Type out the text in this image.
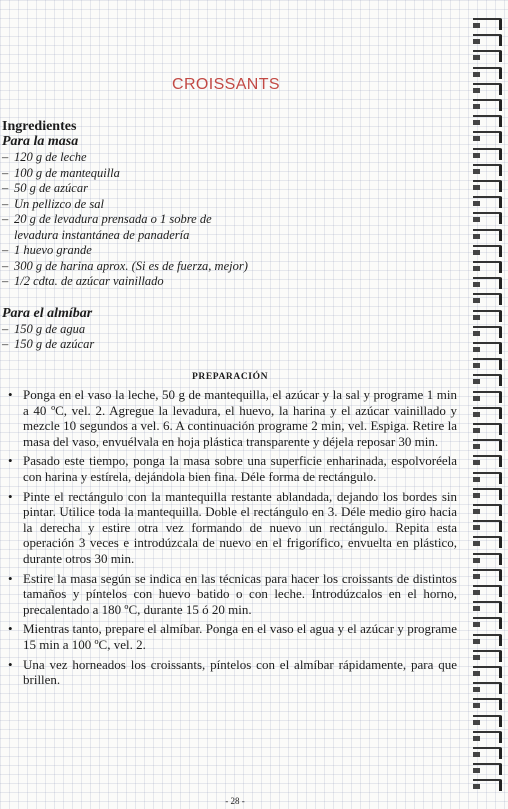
CROISSANTS
Ingredientes
Para la masa
– 120 g de leche
– 100 g de mantequilla
– 50 g de azúcar
– Un pellizco de sal
– 20 g de levadura prensada o 1 sobre de
levadura instantánea de panadería
– 1 huevo grande
– 300 g de harina aprox. (Si es de fuerza, mejor)
– 1/2 cdta. de azúcar vainillado
Para el almíbar
– 150 g de agua
– 150 g de azúcar
PREPARACIÓN
• Ponga en el vaso la leche, 50 g de mantequilla, el azúcar y la sal y programe 1 min a 40 ºC, vel. 2. Agregue la levadura, el huevo, la harina y el azúcar vainillado y mezcle 10 segundos a vel. 6. A continuación programe 2 min, vel. Espiga. Retire la masa del vaso, envuélvala en hoja plástica transparente y déjela reposar 30 min.
• Pasado este tiempo, ponga la masa sobre una superficie enharinada, espolvoréela con harina y estírela, dejándola bien fina. Déle forma de rectángulo.
• Pinte el rectángulo con la mantequilla restante ablandada, dejando los bordes sin pintar. Utilice toda la mantequilla. Doble el rectángulo en 3. Déle medio giro hacia la derecha y estire otra vez formando de nuevo un rectángulo. Repita esta operación 3 veces e introdúzcala de nuevo en el frigorífico, envuelta en plástico, durante otros 30 min.
• Estire la masa según se indica en las técnicas para hacer los croissants de distintos tamaños y píntelos con huevo batido o con leche. Introdúzcalos en el horno, precalentado a 180 ºC, durante 15 ó 20 min.
• Mientras tanto, prepare el almíbar. Ponga en el vaso el agua y el azúcar y programe 15 min a 100 ºC, vel. 2.
• Una vez horneados los croissants, píntelos con el almíbar rápidamente, para que brillen.
- 28 -
